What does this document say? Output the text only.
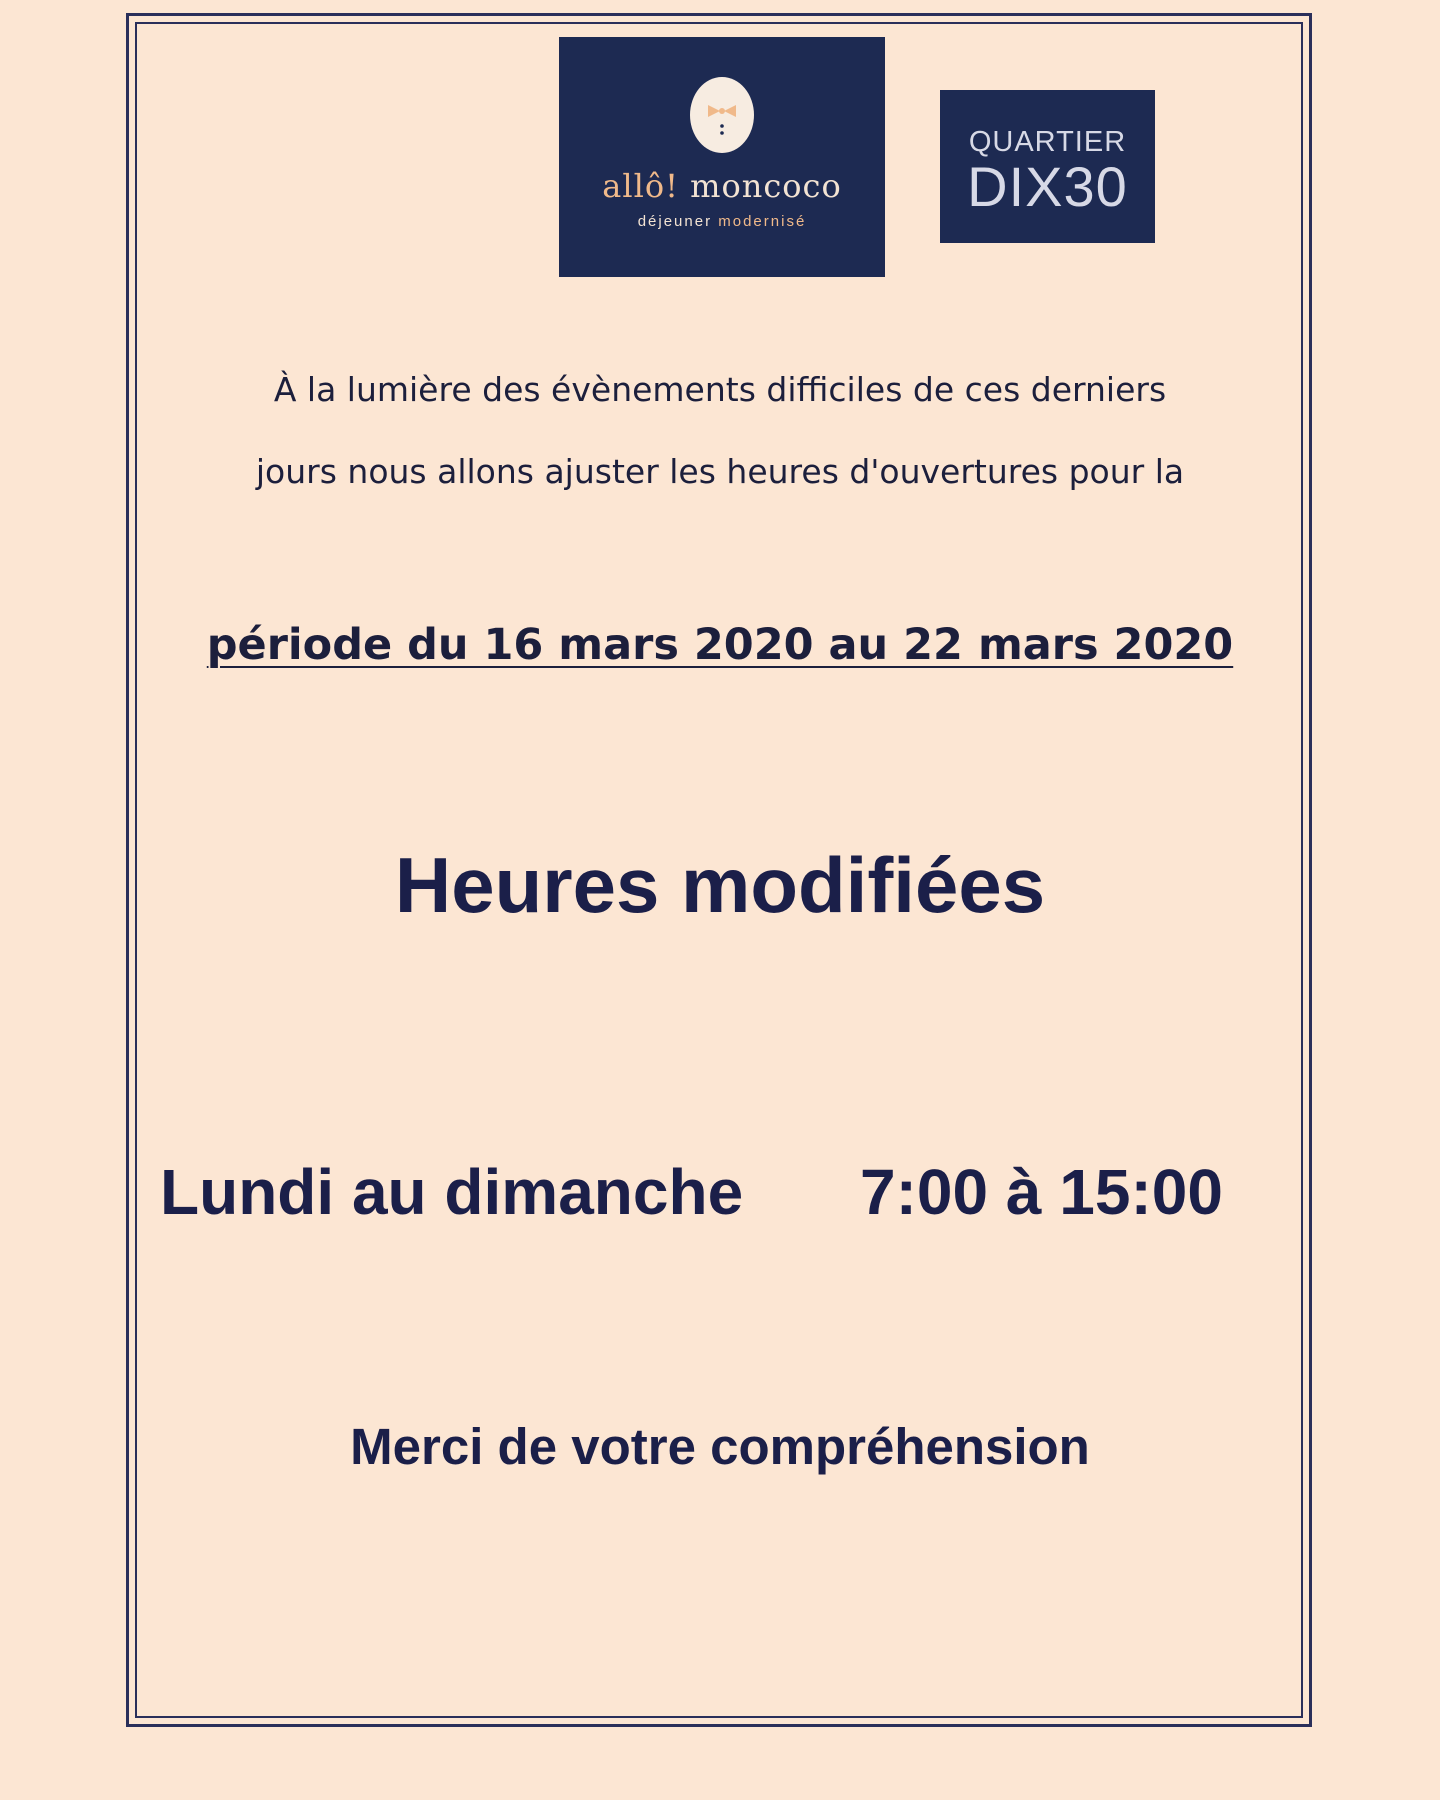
allô! moncoco
déjeuner modernisé
QUARTIER
DIX30
À la lumière des évènements difficiles de ces derniers
jours nous allons ajuster les heures d'ouvertures pour la
période du 16 mars 2020 au 22 mars 2020
Heures modifiées
Lundi au dimanche 7:00 à 15:00
Merci de votre compréhension
